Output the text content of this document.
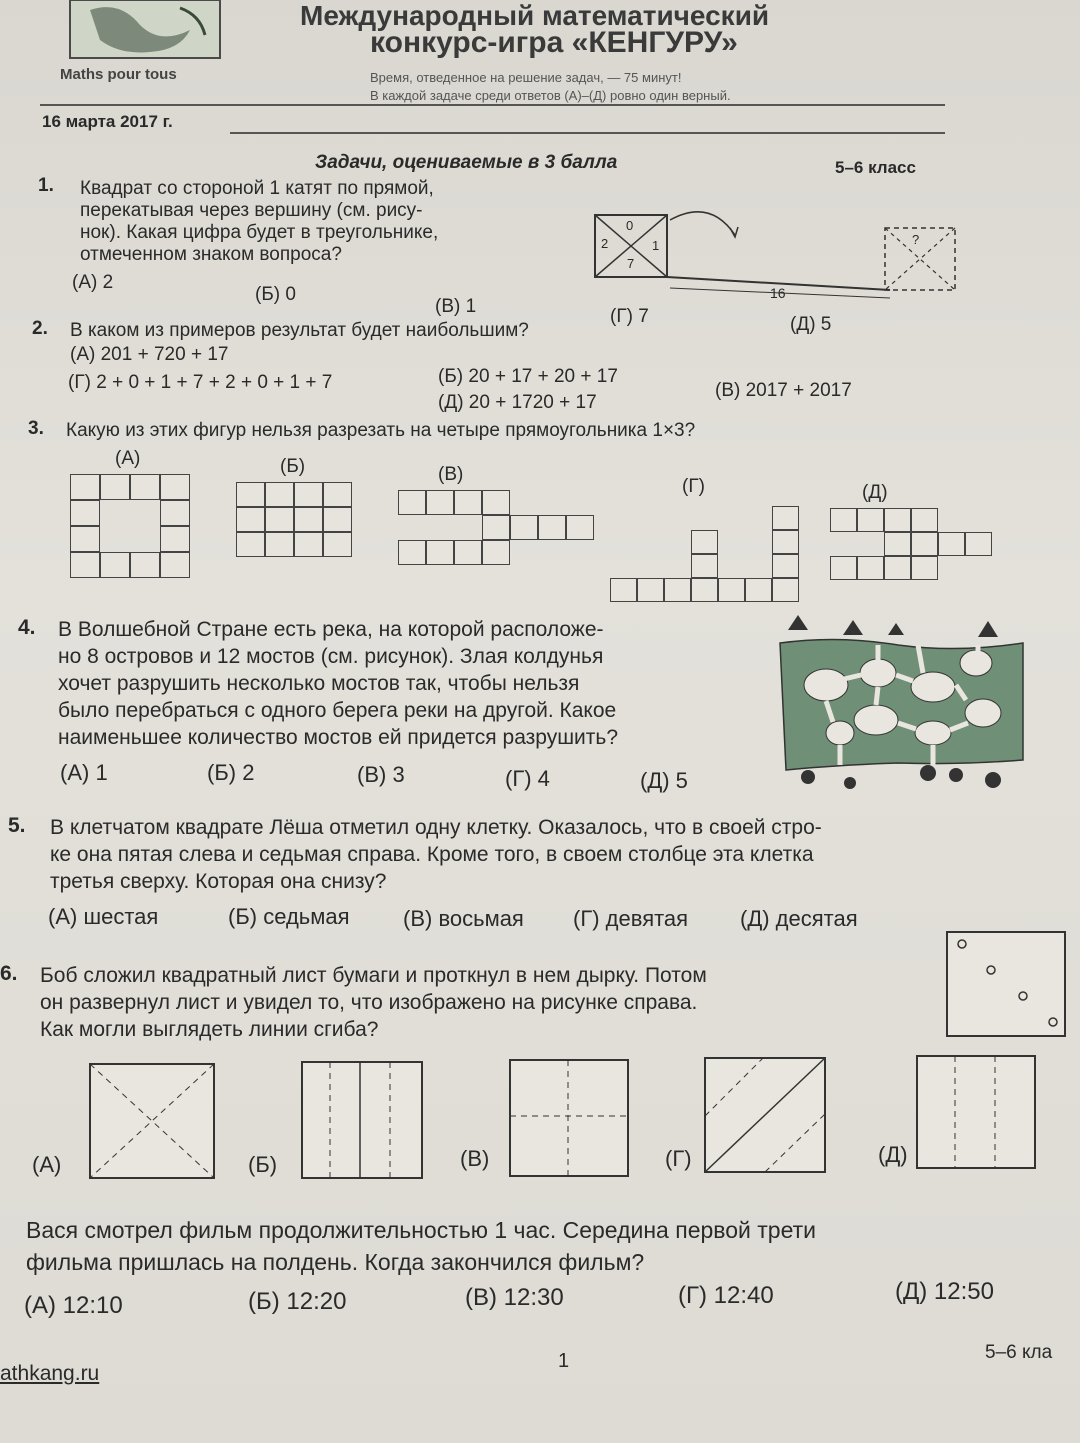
Международный математический
конкурс-игра «КЕНГУРУ»
Maths pour tous	Время, отведенное на решение задач, — 75 минут!
В каждой задаче среди ответов (А)–(Д) ровно один верный.
16 марта 2017 г.
Задачи, оцениваемые в 3 балла	5–6 класс
1. Квадрат со стороной 1 катят по прямой,
перекатывая через вершину (см. рису-
нок). Какая цифра будет в треугольнике,
отмеченном знаком вопроса?
(А) 2
(Б) 0
(В) 1	(Г) 7	(Д) 5
0
2	1
7
?
16
2. В каком из примеров результат будет наибольшим?
(А) 201 + 720 + 17
(Г) 2 + 0 + 1 + 7 + 2 + 0 + 1 + 7	(Б) 20 + 17 + 20 + 17
(Д) 20 + 1720 + 17
(В) 2017 + 2017
3. Какую из этих фигур нельзя разрезать на четыре прямоугольника 1×3?
(А)	(Б)	(В)
(Г)	(Д)
4. В Волшебной Стране есть река, на которой расположе-
но 8 островов и 12 мостов (см. рисунок). Злая колдунья
хочет разрушить несколько мостов так, чтобы нельзя
было перебраться с одного берега реки на другой. Какое
наименьшее количество мостов ей придется разрушить?
(А) 1	(Б) 2	(В) 3	(Г) 4	(Д) 5
5. В клетчатом квадрате Лёша отметил одну клетку. Оказалось, что в своей стро-
ке она пятая слева и седьмая справа. Кроме того, в своем столбце эта клетка
третья сверху. Которая она снизу?
(А) шестая	(Б) седьмая (В) восьмая (Г) девятая (Д) десятая
6. Боб сложил квадратный лист бумаги и проткнул в нем дырку. Потом
он развернул лист и увидел то, что изображено на рисунке справа.
Как могли выглядеть линии сгиба?
(А)	(Б)	(В)	(Г)	(Д)
Вася смотрел фильм продолжительностью 1 час. Середина первой трети
фильма пришлась на полдень. Когда закончился фильм?
(А) 12:10	(Б) 12:20	(В) 12:30	(Г) 12:40	(Д) 12:50
athkang.ru
1	5–6 кла
